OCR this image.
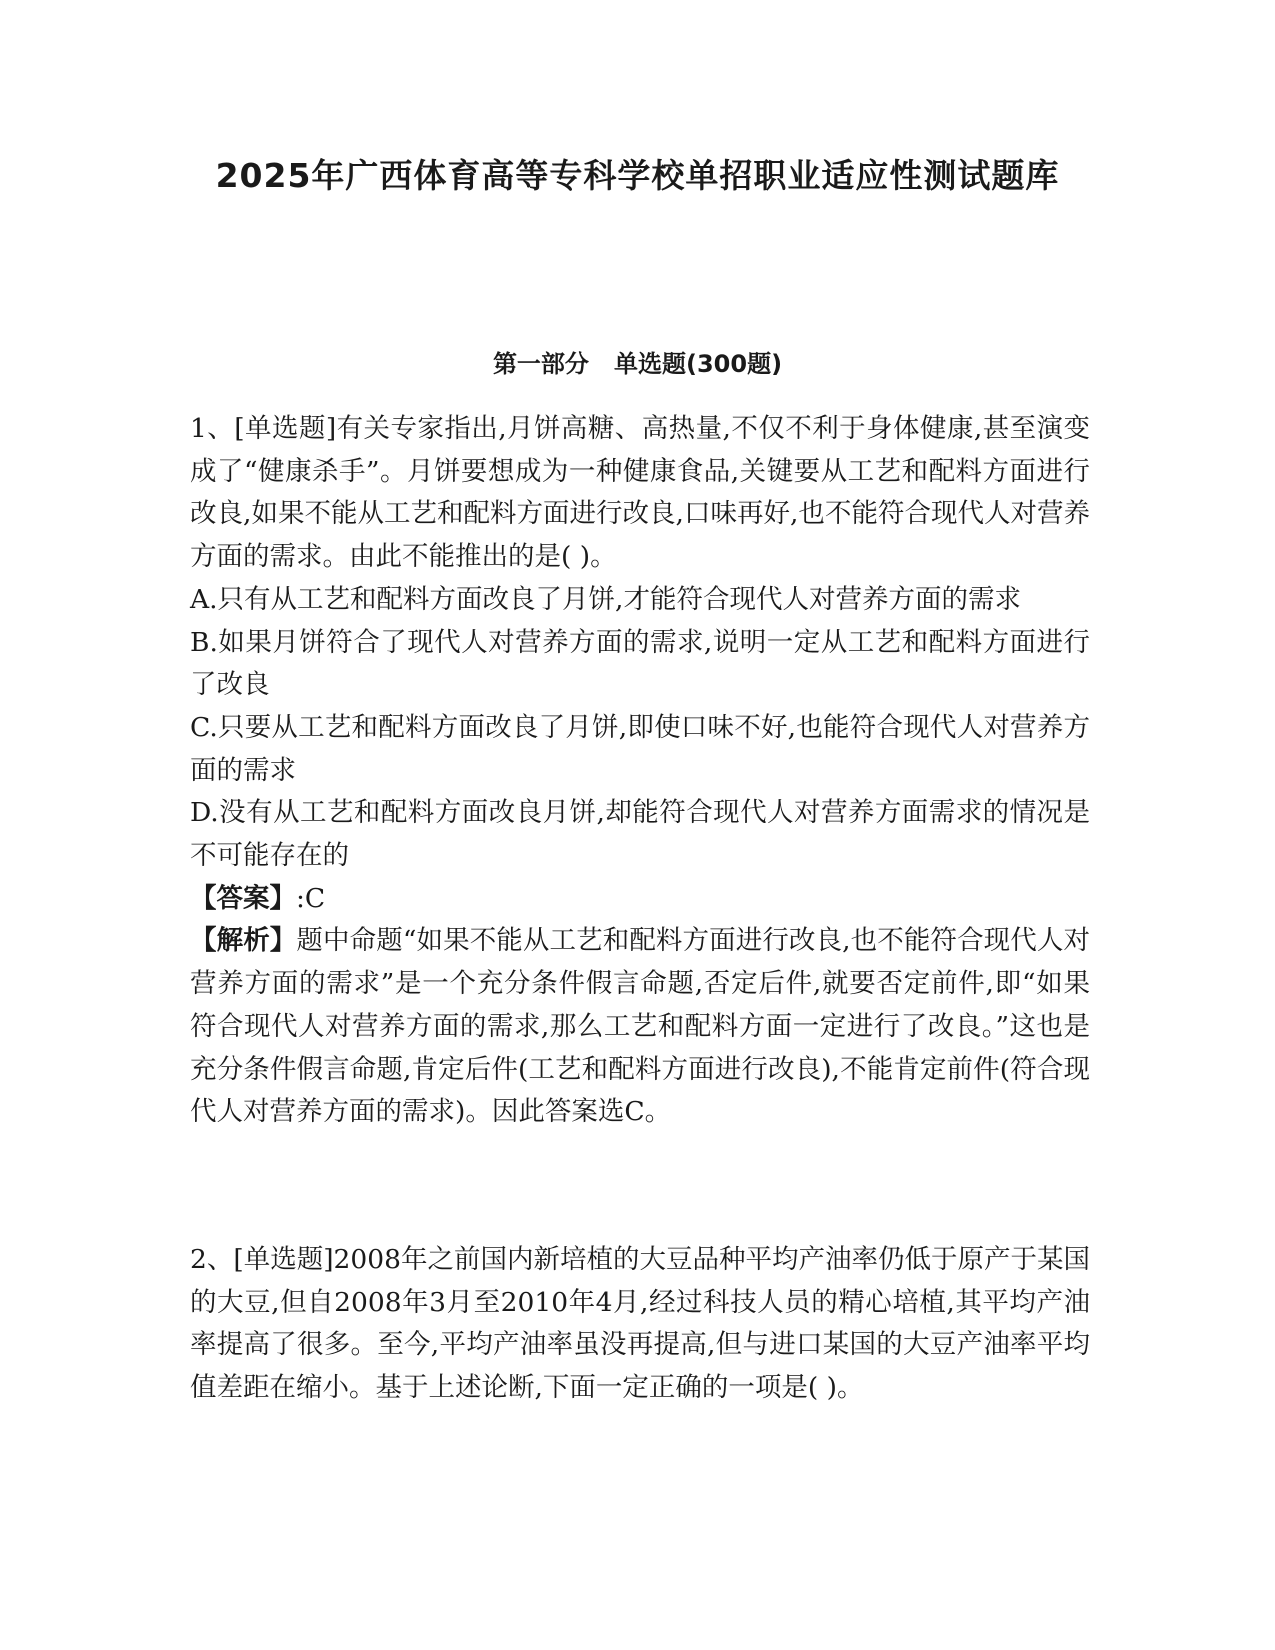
2025年广西体育高等专科学校单招职业适应性测试题库
第一部分   单选题(300题)

1、[单选题]有关专家指出,月饼高糖、高热量,不仅不利于身体健康,甚至演变成了“健康杀手”。月饼要想成为一种健康食品,关键要从工艺和配料方面进行改良,如果不能从工艺和配料方面进行改良,口味再好,也不能符合现代人对营养方面的需求。由此不能推出的是( )。

A.只有从工艺和配料方面改良了月饼,才能符合现代人对营养方面的需求

B.如果月饼符合了现代人对营养方面的需求,说明一定从工艺和配料方面进行了改良

C.只要从工艺和配料方面改良了月饼,即使口味不好,也能符合现代人对营养方面的需求

D.没有从工艺和配料方面改良月饼,却能符合现代人对营养方面需求的情况是不可能存在的

【答案】:C

【解析】题中命题“如果不能从工艺和配料方面进行改良,也不能符合现代人对营养方面的需求”是一个充分条件假言命题,否定后件,就要否定前件,即“如果符合现代人对营养方面的需求,那么工艺和配料方面一定进行了改良。”这也是充分条件假言命题,肯定后件(工艺和配料方面进行改良),不能肯定前件(符合现代人对营养方面的需求)。因此答案选C。

2、[单选题]2008年之前国内新培植的大豆品种平均产油率仍低于原产于某国的大豆,但自2008年3月至2010年4月,经过科技人员的精心培植,其平均产油率提高了很多。至今,平均产油率虽没再提高,但与进口某国的大豆产油率平均值差距在缩小。基于上述论断,下面一定正确的一项是( )。
